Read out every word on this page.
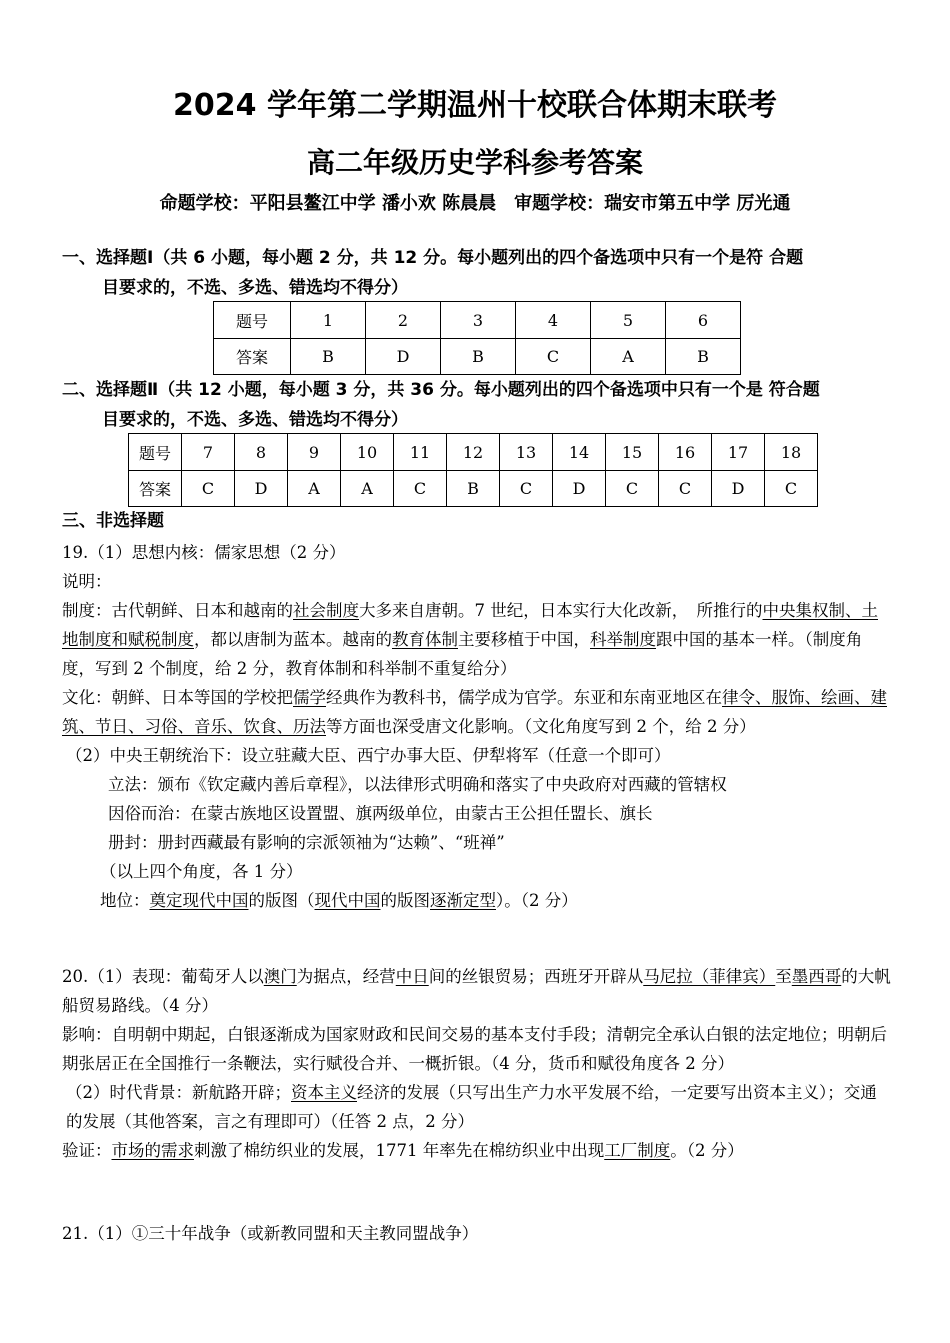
2024 学年第二学期温州十校联合体期末联考
高二年级历史学科参考答案
命题学校：平阳县鳌江中学 潘小欢 陈晨晨　审题学校：瑞安市第五中学 厉光通
一、选择题Ⅰ（共 6 小题，每小题 2 分，共 12 分。每小题列出的四个备选项中只有一个是符 合题
目要求的，不选、多选、错选均不得分）
题号	1	2	3	4	5	6
答案	B	D	B	C	A	B
二、选择题Ⅱ（共 12 小题，每小题 3 分，共 36 分。每小题列出的四个备选项中只有一个是 符合题
目要求的，不选、多选、错选均不得分）
题号	7	8	9	10	11	12	13	14	15	16	17	18
答案	C	D	A	A	C	B	C	D	C	C	D	C
三、非选择题

19.（1）思想内核：儒家思想（2 分）

说明：

制度：古代朝鲜、日本和越南的社会制度大多来自唐朝。7 世纪，日本实行大化改新，　所推行的中央集权制、土地制度和赋税制度，都以唐制为蓝本。越南的教育体制主要移植于中国，科举制度跟中国的基本一样。（制度角度，写到 2 个制度，给 2 分，教育体制和科举制不重复给分）

文化：朝鲜、日本等国的学校把儒学经典作为教科书，儒学成为官学。东亚和东南亚地区在律令、服饰、绘画、建筑、节日、习俗、音乐、饮食、历法等方面也深受唐文化影响。（文化角度写到 2 个，给 2 分）

（2）中央王朝统治下：设立驻藏大臣、西宁办事大臣、伊犁将军（任意一个即可）

立法：颁布《钦定藏内善后章程》，以法律形式明确和落实了中央政府对西藏的管辖权

因俗而治：在蒙古族地区设置盟、旗两级单位，由蒙古王公担任盟长、旗长

册封：册封西藏最有影响的宗派领袖为“达赖”、“班禅”

（以上四个角度，各 1 分）

地位：奠定现代中国的版图（现代中国的版图逐渐定型）。（2 分）

20.（1）表现：葡萄牙人以澳门为据点，经营中日间的丝银贸易；西班牙开辟从马尼拉（菲律宾）至墨西哥的大帆船贸易路线。（4 分）

影响：自明朝中期起，白银逐渐成为国家财政和民间交易的基本支付手段；清朝完全承认白银的法定地位；明朝后期张居正在全国推行一条鞭法，实行赋役合并、一概折银。（4 分，货币和赋役角度各 2 分）

（2）时代背景：新航路开辟；资本主义经济的发展（只写出生产力水平发展不给，一定要写出资本主义）；交通的发展（其他答案，言之有理即可）（任答 2 点，2 分）

验证：市场的需求刺激了棉纺织业的发展，1771 年率先在棉纺织业中出现工厂制度。（2 分）

21.（1）①三十年战争（或新教同盟和天主教同盟战争）
